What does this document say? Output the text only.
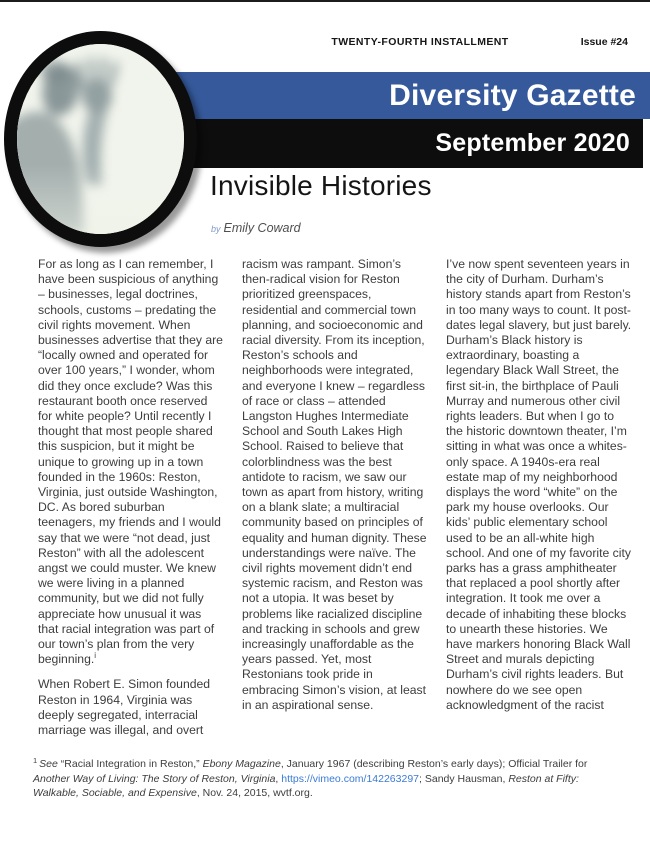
TWENTY-FOURTH INSTALLMENT	Issue #24
Diversity Gazette
September 2020
Invisible Histories
by Emily Coward

For as long as I can remember, I have been suspicious of anything – businesses, legal doctrines, schools, customs – predating the civil rights movement. When businesses advertise that they are “locally owned and operated for over 100 years,” I wonder, whom did they once exclude? Was this restaurant booth once reserved for white people? Until recently I thought that most people shared this suspicion, but it might be unique to growing up in a town founded in the 1960s: Reston, Virginia, just outside Washington, DC. As bored suburban teenagers, my friends and I would say that we were “not dead, just Reston” with all the adolescent angst we could muster. We knew we were living in a planned community, but we did not fully appreciate how unusual it was that racial integration was part of our town’s plan from the very beginning.$^i$

When Robert E. Simon founded Reston in 1964, Virginia was deeply segregated, interracial marriage was illegal, and overt

racism was rampant. Simon’s then-radical vision for Reston prioritized greenspaces, residential and commercial town planning, and socioeconomic and racial diversity. From its inception, Reston’s schools and neighborhoods were integrated, and everyone I knew – regardless of race or class – attended Langston Hughes Intermediate School and South Lakes High School. Raised to believe that colorblindness was the best antidote to racism, we saw our town as apart from history, writing on a blank slate; a multiracial community based on principles of equality and human dignity. These understandings were naïve. The civil rights movement didn’t end systemic racism, and Reston was not a utopia. It was beset by problems like racialized discipline and tracking in schools and grew increasingly unaffordable as the years passed. Yet, most Restonians took pride in embracing Simon’s vision, at least in an aspirational sense.

I’ve now spent seventeen years in the city of Durham. Durham’s history stands apart from Reston’s in too many ways to count. It post-dates legal slavery, but just barely. Durham’s Black history is extraordinary, boasting a legendary Black Wall Street, the first sit-in, the birthplace of Pauli Murray and numerous other civil rights leaders. But when I go to the historic downtown theater, I’m sitting in what was once a whites-only space. A 1940s-era real estate map of my neighborhood displays the word “white” on the park my house overlooks. Our kids’ public elementary school used to be an all-white high school. And one of my favorite city parks has a grass amphitheater that replaced a pool shortly after integration. It took me over a decade of inhabiting these blocks to unearth these histories. We have markers honoring Black Wall Street and murals depicting Durham’s civil rights leaders. But nowhere do we see open acknowledgment of the racist

$^1$ See “Racial Integration in Reston,” Ebony Magazine, January 1967 (describing Reston’s early days); Official Trailer for Another Way of Living: The Story of Reston, Virginia, https://vimeo.com/142263297; Sandy Hausman, Reston at Fifty: Walkable, Sociable, and Expensive, Nov. 24, 2015, wvtf.org.
